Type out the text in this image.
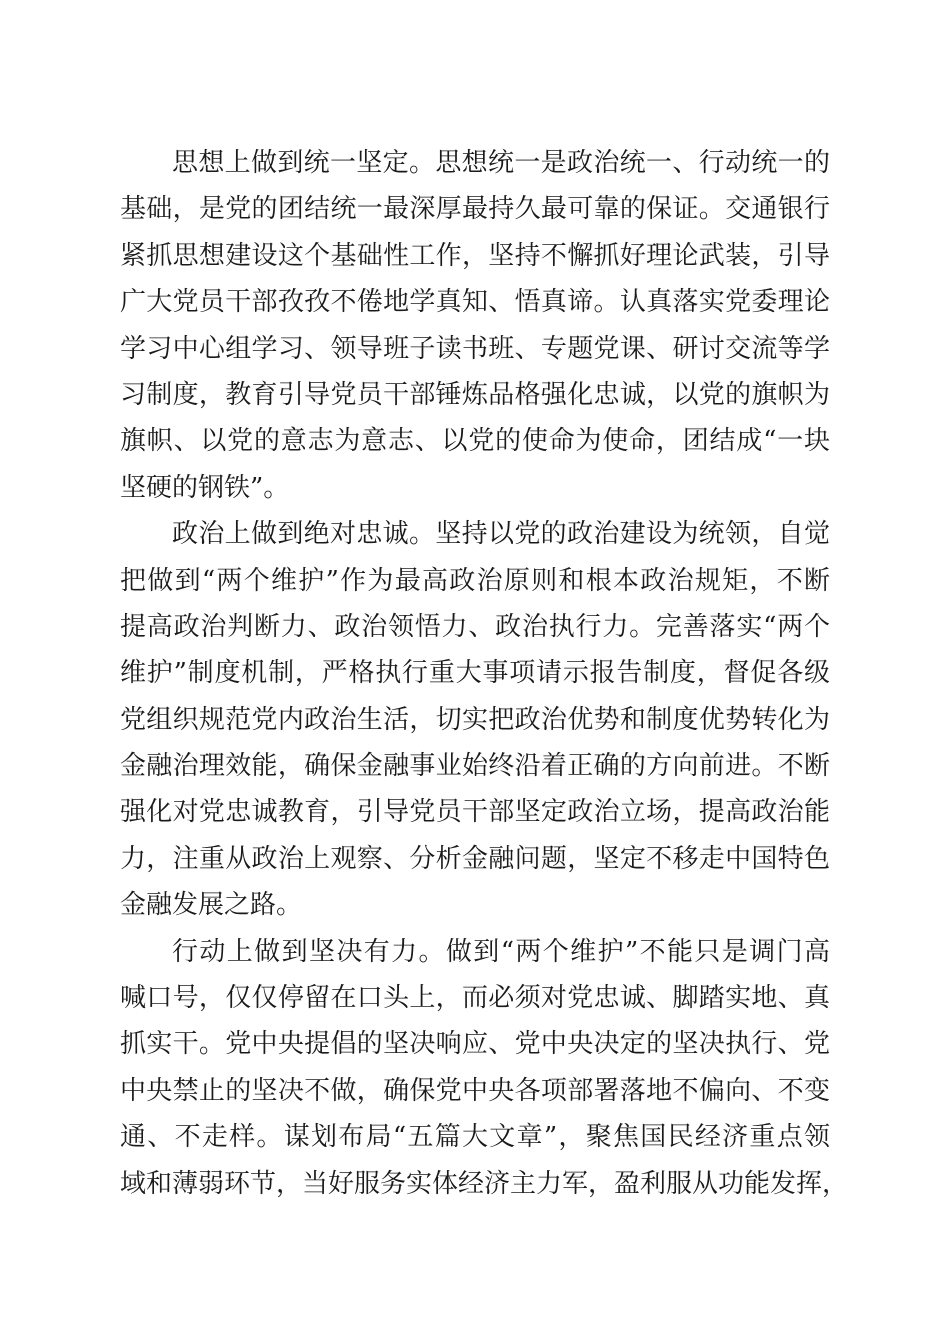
思想上做到统一坚定。思想统一是政治统一、行动统一的
基础，是党的团结统一最深厚最持久最可靠的保证。交通银行
紧抓思想建设这个基础性工作，坚持不懈抓好理论武装，引导
广大党员干部孜孜不倦地学真知、悟真谛。认真落实党委理论
学习中心组学习、领导班子读书班、专题党课、研讨交流等学
习制度，教育引导党员干部锤炼品格强化忠诚，以党的旗帜为
旗帜、以党的意志为意志、以党的使命为使命，团结成“一块
坚硬的钢铁”。
政治上做到绝对忠诚。坚持以党的政治建设为统领，自觉
把做到“两个维护”作为最高政治原则和根本政治规矩，不断
提高政治判断力、政治领悟力、政治执行力。完善落实“两个
维护”制度机制，严格执行重大事项请示报告制度，督促各级
党组织规范党内政治生活，切实把政治优势和制度优势转化为
金融治理效能，确保金融事业始终沿着正确的方向前进。不断
强化对党忠诚教育，引导党员干部坚定政治立场，提高政治能
力，注重从政治上观察、分析金融问题，坚定不移走中国特色
金融发展之路。
行动上做到坚决有力。做到“两个维护”不能只是调门高
喊口号，仅仅停留在口头上，而必须对党忠诚、脚踏实地、真
抓实干。党中央提倡的坚决响应、党中央决定的坚决执行、党
中央禁止的坚决不做，确保党中央各项部署落地不偏向、不变
通、不走样。谋划布局“五篇大文章”，聚焦国民经济重点领
域和薄弱环节，当好服务实体经济主力军，盈利服从功能发挥，
